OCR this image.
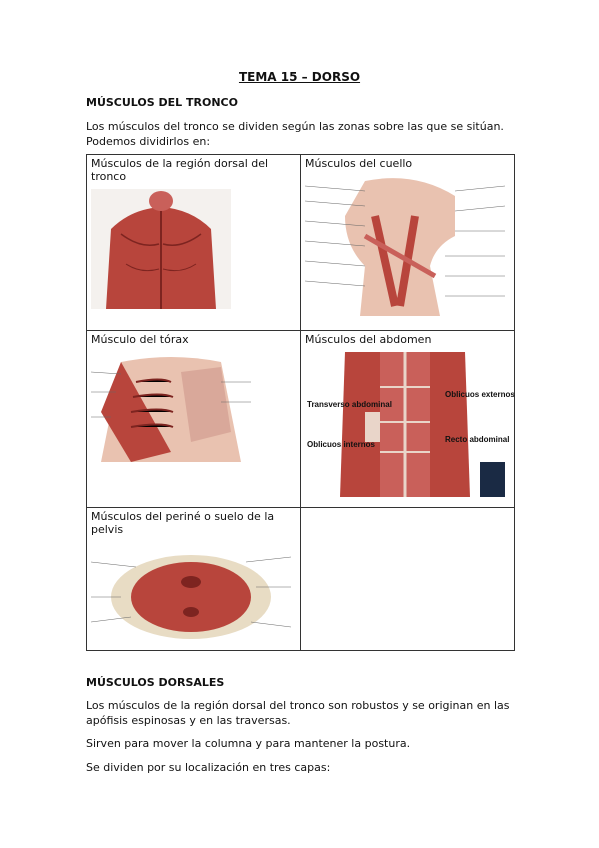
TEMA 15 – DORSO
MÚSCULOS DEL TRONCO
Los músculos del tronco se dividen según las zonas sobre las que se sitúan. Podemos dividirlos en:
Músculos de la región dorsal del tronco	Músculos del cuello

Músculo del tórax	Músculos del abdomen
Transverso abdominal
Oblicuos internos
Oblicuos externos
Recto abdominal

Músculos del periné o suelo de la pelvis	

MÚSCULOS DORSALES
Los músculos de la región dorsal del tronco son robustos y se originan en las apófisis espinosas y en las traversas.
Sirven para mover la columna y para mantener la postura.
Se dividen por su localización en tres capas:
